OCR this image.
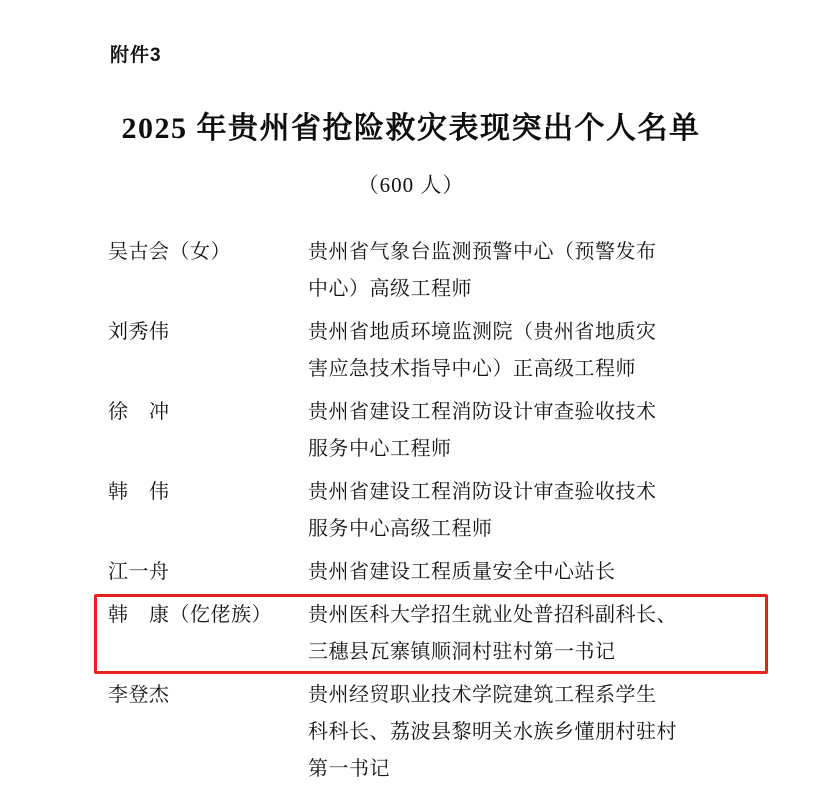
附件3
2025 年贵州省抢险救灾表现突出个人名单
（600 人）
吴古会（女）	贵州省气象台监测预警中心（预警发布
中心）高级工程师
刘秀伟	贵州省地质环境监测院（贵州省地质灾
害应急技术指导中心）正高级工程师
徐　冲	贵州省建设工程消防设计审查验收技术
服务中心工程师
韩　伟	贵州省建设工程消防设计审查验收技术
服务中心高级工程师
江一舟	贵州省建设工程质量安全中心站长
韩　康（仡佬族）	贵州医科大学招生就业处普招科副科长、
三穗县瓦寨镇顺洞村驻村第一书记
李登杰	贵州经贸职业技术学院建筑工程系学生
科科长、荔波县黎明关水族乡懂朋村驻村
第一书记
